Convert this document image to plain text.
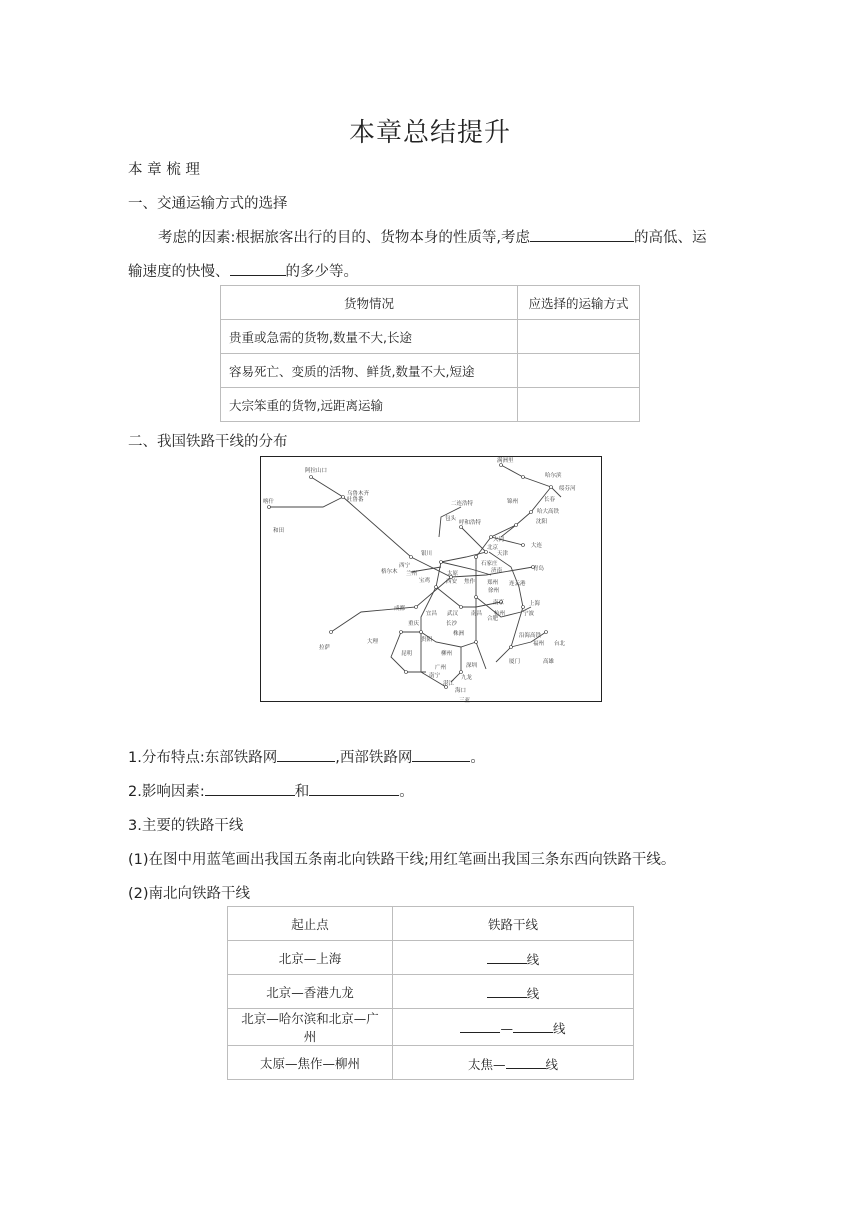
本章总结提升
本 章 梳 理
一、交通运输方式的选择
考虑的因素:根据旅客出行的目的、货物本身的性质等,考虑	的高低、运
输速度的快慢、	的多少等。
货物情况	应选择的运输方式
贵重或急需的货物,数量不大,长途	
容易死亡、变质的活物、鲜货,数量不大,短途	
大宗笨重的货物,远距离运输	
二、我国铁路干线的分布
满洲里
哈尔滨
绥芬河
长春
哈大高铁
沈阳
阿拉山口
乌鲁木齐
吐鲁番
喀什
和田
呼和浩特
包头
北京
大同
天津
大连
银川
太原	济南	青岛
石家庄
兰州
西宁
宝鸡	西安 焦作 郑州 连云港
徐州
南京	上海
宁波
杭州
合肥
成都
重庆
宜昌 武汉 南昌
长沙
株洲	沿海高铁
福州 台北
高雄
厦门
大理
昆明
贵阳
柳州
广州	深圳
九龙
南宁
湛江
海口
三亚
拉萨
格尔木
二连浩特	锦州
1.分布特点:东部铁路网	,西部铁路网	。
2.影响因素:	和	。
3.主要的铁路干线
(1)在图中用蓝笔画出我国五条南北向铁路干线;用红笔画出我国三条东西向铁路干线。
(2)南北向铁路干线
起止点	铁路干线
北京—上海	线
北京—香港九龙	线
北京—哈尔滨和北京—广州	— 线
太原—焦作—柳州	太焦— 线
